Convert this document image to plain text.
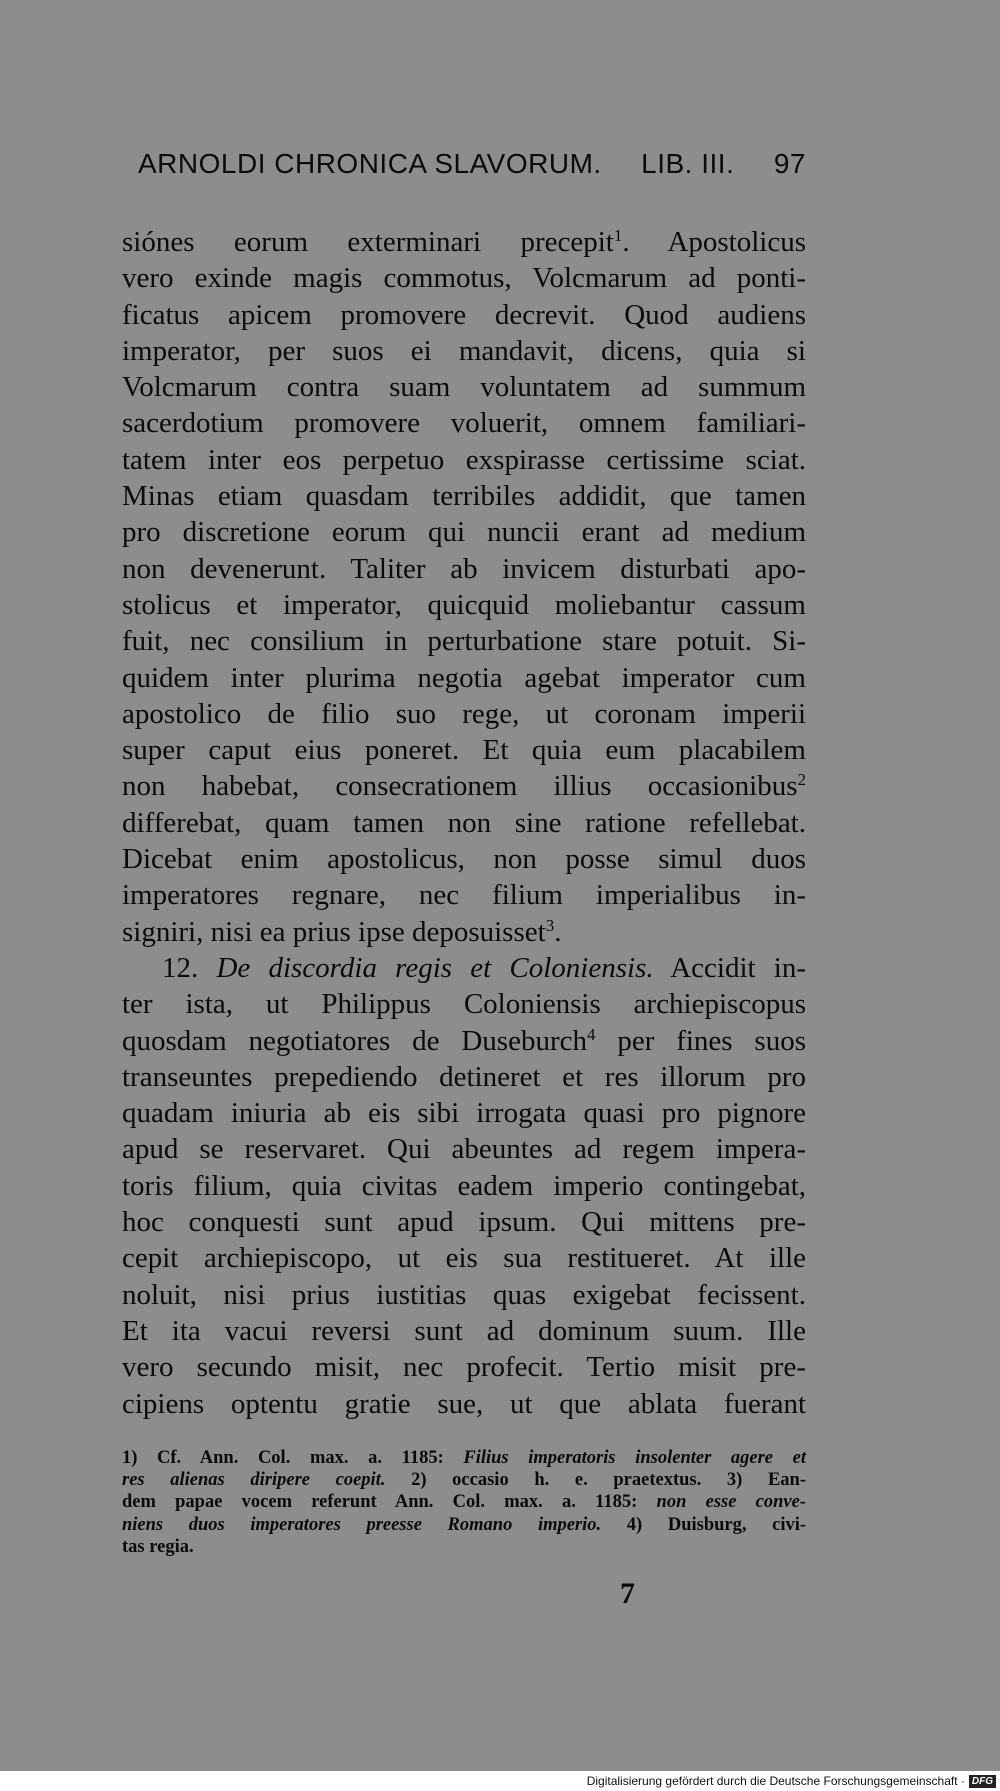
ARNOLDI CHRONICA SLAVORUM. LIB. III. 97
siónes eorum exterminari precepit$^1$. Apostolicus
vero exinde magis commotus, Volcmarum ad ponti-
ficatus apicem promovere decrevit. Quod audiens
imperator, per suos ei mandavit, dicens, quia si
Volcmarum contra suam voluntatem ad summum
sacerdotium promovere voluerit, omnem familiari-
tatem inter eos perpetuo exspirasse certissime sciat.
Minas etiam quasdam terribiles addidit, que tamen
pro discretione eorum qui nuncii erant ad medium
non devenerunt. Taliter ab invicem disturbati apo-
stolicus et imperator, quicquid moliebantur cassum
fuit, nec consilium in perturbatione stare potuit. Si-
quidem inter plurima negotia agebat imperator cum
apostolico de filio suo rege, ut coronam imperii
super caput eius poneret. Et quia eum placabilem
non habebat, consecrationem illius occasionibus$^2$
differebat, quam tamen non sine ratione refellebat.
Dicebat enim apostolicus, non posse simul duos
imperatores regnare, nec filium imperialibus in-
signiri, nisi ea prius ipse deposuisset$^3$.
12. De discordia regis et Coloniensis. Accidit in-
ter ista, ut Philippus Coloniensis archiepiscopus
quosdam negotiatores de Duseburch$^4$ per fines suos
transeuntes prepediendo detineret et res illorum pro
quadam iniuria ab eis sibi irrogata quasi pro pignore
apud se reservaret. Qui abeuntes ad regem impera-
toris filium, quia civitas eadem imperio contingebat,
hoc conquesti sunt apud ipsum. Qui mittens pre-
cepit archiepiscopo, ut eis sua restitueret. At ille
noluit, nisi prius iustitias quas exigebat fecissent.
Et ita vacui reversi sunt ad dominum suum. Ille
vero secundo misit, nec profecit. Tertio misit pre-
cipiens optentu gratie sue, ut que ablata fuerant
1) Cf. Ann. Col. max. a. 1185: Filius imperatoris insolenter agere et
res alienas diripere coepit. 2) occasio h. e. praetextus. 3) Ean-
dem papae vocem referunt Ann. Col. max. a. 1185: non esse conve-
niens duos imperatores preesse Romano imperio. 4) Duisburg, civi-
tas regia.
7
Digitalisierung gefördert durch die Deutsche Forschungsgemeinschaft · DFG
